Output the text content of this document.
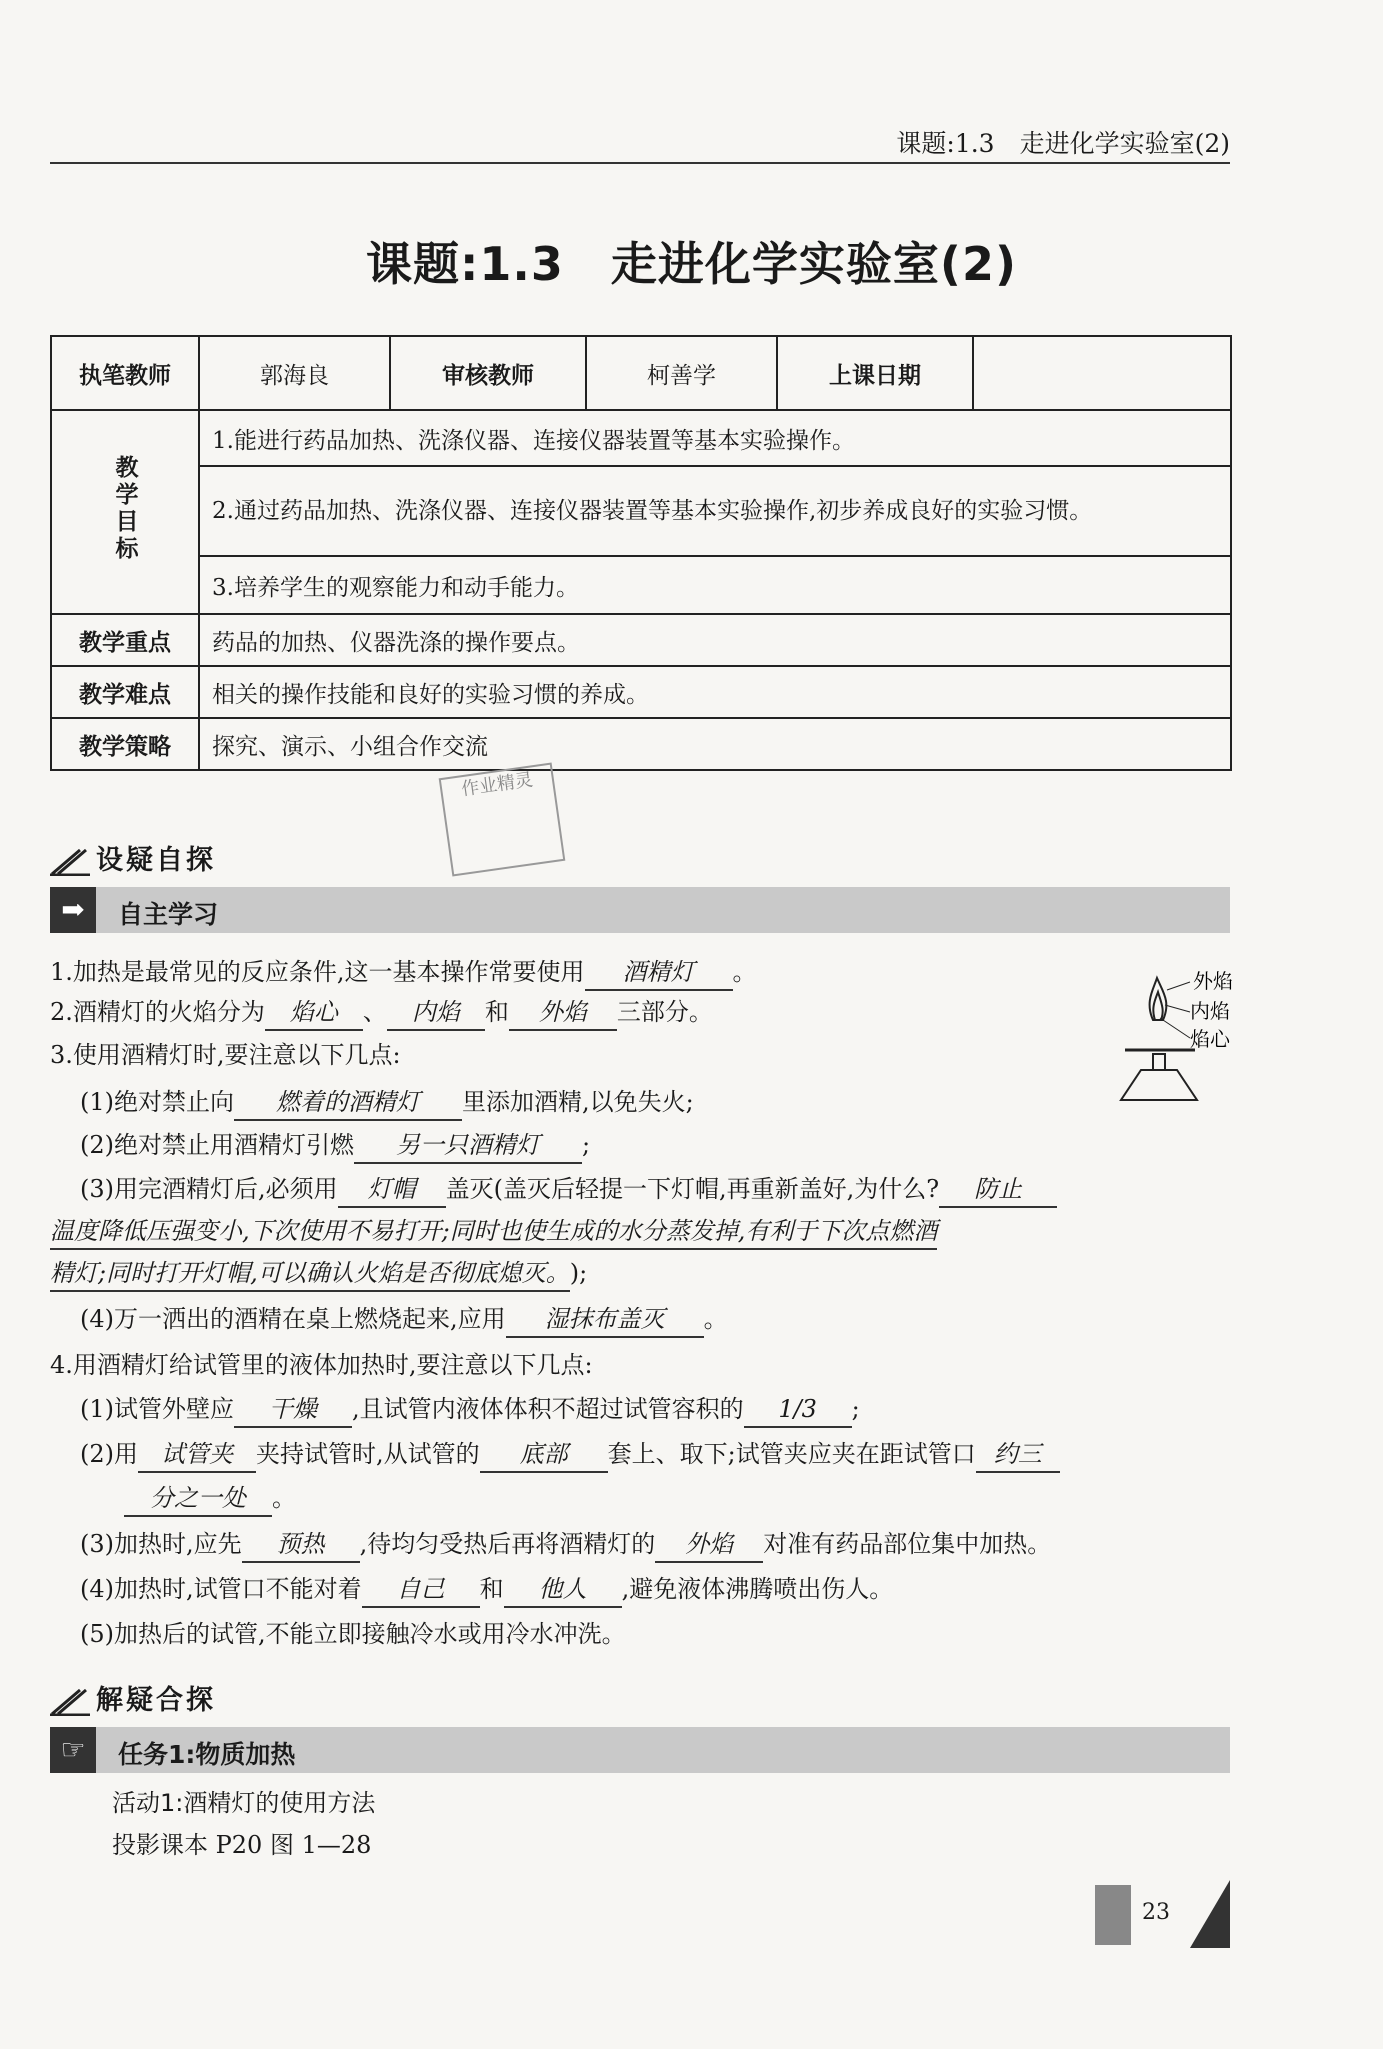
课题:1.3　走进化学实验室(2)
课题:1.3　走进化学实验室(2)
执笔教师	郭海良	审核教师	柯善学	上课日期	
教学目标	1.能进行药品加热、洗涤仪器、连接仪器装置等基本实验操作。				
	2.通过药品加热、洗涤仪器、连接仪器装置等基本实验操作,初步养成良好的实验习惯。				
	3.培养学生的观察能力和动手能力。				
教学重点	药品的加热、仪器洗涤的操作要点。				
教学难点	相关的操作技能和良好的实验习惯的养成。				
教学策略	探究、演示、小组合作交流				
作业精灵
设疑自探
➡	自主学习
1.加热是最常见的反应条件,这一基本操作常要使用 酒精灯 。
2.酒精灯的火焰分为 焰心 、 内焰 和 外焰 三部分。
3.使用酒精灯时,要注意以下几点:
(1)绝对禁止向 燃着的酒精灯 里添加酒精,以免失火;
(2)绝对禁止用酒精灯引燃 另一只酒精灯 ;
(3)用完酒精灯后,必须用 灯帽 盖灭(盖灭后轻提一下灯帽,再重新盖好,为什么? 防止
温度降低压强变小,下次使用不易打开;同时也使生成的水分蒸发掉,有利于下次点燃酒
精灯;同时打开灯帽,可以确认火焰是否彻底熄灭。);
(4)万一洒出的酒精在桌上燃烧起来,应用 湿抹布盖灭 。
4.用酒精灯给试管里的液体加热时,要注意以下几点:
(1)试管外壁应 干燥 ,且试管内液体体积不超过试管容积的 1/3 ;
(2)用 试管夹 夹持试管时,从试管的 底部 套上、取下;试管夹应夹在距试管口 约三
分之一处 。
(3)加热时,应先 预热 ,待均匀受热后再将酒精灯的 外焰 对准有药品部位集中加热。
(4)加热时,试管口不能对着 自己 和 他人 ,避免液体沸腾喷出伤人。
(5)加热后的试管,不能立即接触冷水或用冷水冲洗。
解疑合探
☞	任务1:物质加热
活动1:酒精灯的使用方法
投影课本 P20 图 1—28
外焰
内焰
焰心
23
